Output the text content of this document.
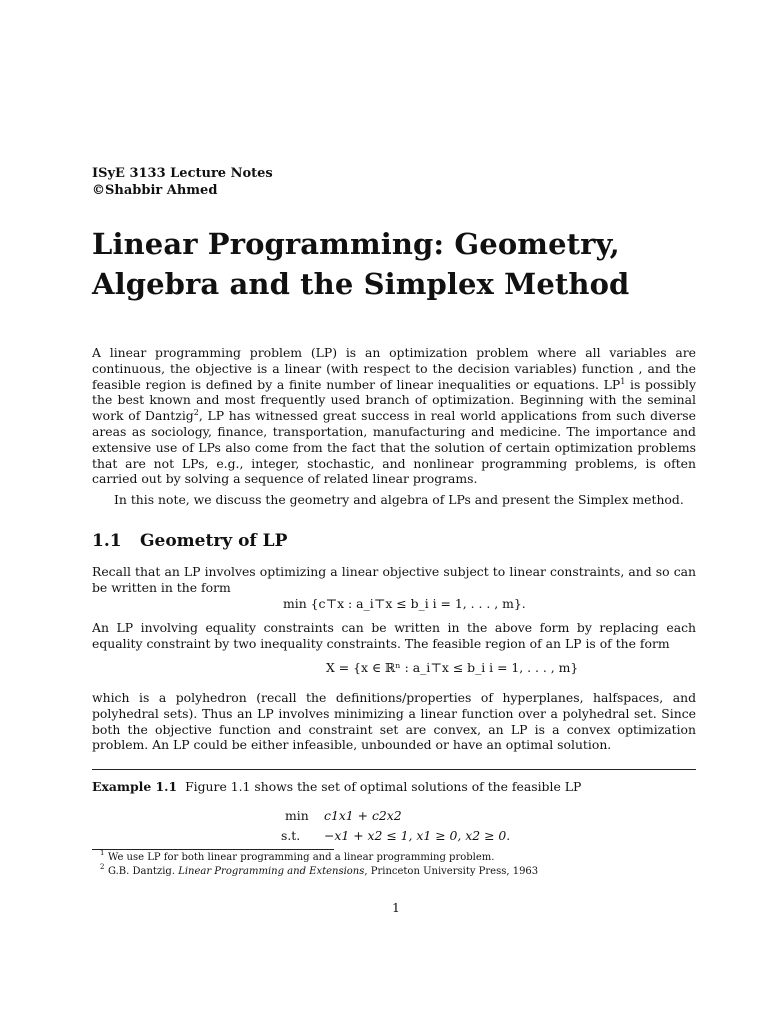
ISyE 3133 Lecture Notes
©Shabbir Ahmed
Linear Programming: Geometry,
Algebra and the Simplex Method
A linear programming problem (LP) is an optimization problem where all variables are continuous, the objective is a linear (with respect to the decision variables) function , and the feasible region is defined by a finite number of linear inequalities or equations. $LP^1$ is possibly the best known and most frequently used branch of optimization. Beginning with the seminal work of Dantzig$^2$, LP has witnessed great success in real world applications from such diverse areas as sociology, finance, transportation, manufacturing and medicine. The importance and extensive use of LPs also come from the fact that the solution of certain optimization problems that are not LPs, e.g., integer, stochastic, and nonlinear programming problems, is often carried out by solving a sequence of related linear programs.
In this note, we discuss the geometry and algebra of LPs and present the Simplex method.
1.1 Geometry of LP
Recall that an LP involves optimizing a linear objective subject to linear constraints, and so can be written in the form
min {c⊤x : a_i⊤x ≤ b_i i = 1, . . . , m}.
An LP involving equality constraints can be written in the above form by replacing each equality constraint by two inequality constraints. The feasible region of an LP is of the form
X = {x ∈ ℝⁿ : a_i⊤x ≤ b_i i = 1, . . . , m}
which is a polyhedron (recall the definitions/properties of hyperplanes, halfspaces, and polyhedral sets). Thus an LP involves minimizing a linear function over a polyhedral set. Since both the objective function and constraint set are convex, an LP is a convex optimization problem. An LP could be either infeasible, unbounded or have an optimal solution.
Example 1.1 Figure 1.1 shows the set of optimal solutions of the feasible LP
min c1x1 + c2x2
s.t. −x1 + x2 ≤ 1, x1 ≥ 0, x2 ≥ 0.
1 We use LP for both linear programming and a linear programming problem.
2 G.B. Dantzig. Linear Programming and Extensions, Princeton University Press, 1963
1
